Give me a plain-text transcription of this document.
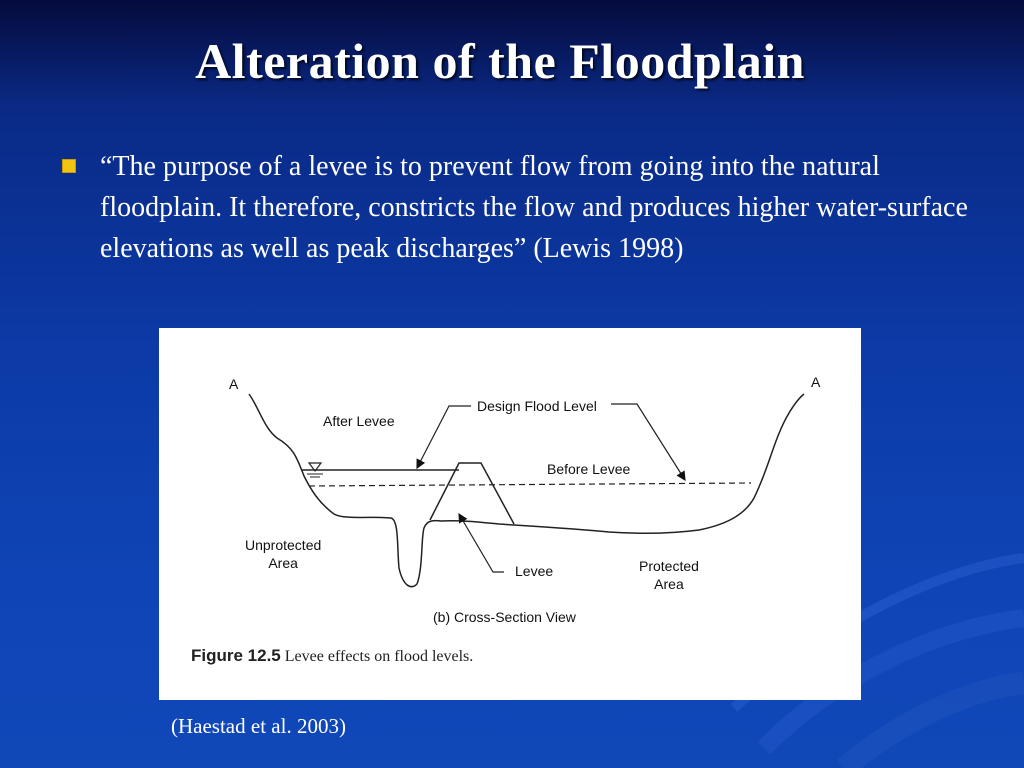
Alteration of the Floodplain
“The purpose of a levee is to prevent flow from going into the natural floodplain. It therefore, constricts the flow and produces higher water-surface elevations as well as peak discharges” (Lewis 1998)
A	A
After Levee
Design Flood Level
Before Levee
Unprotected
Area	Levee	Protected
Area
(b) Cross-Section View
Figure 12.5 Levee effects on flood levels.
(Haestad et al. 2003)
